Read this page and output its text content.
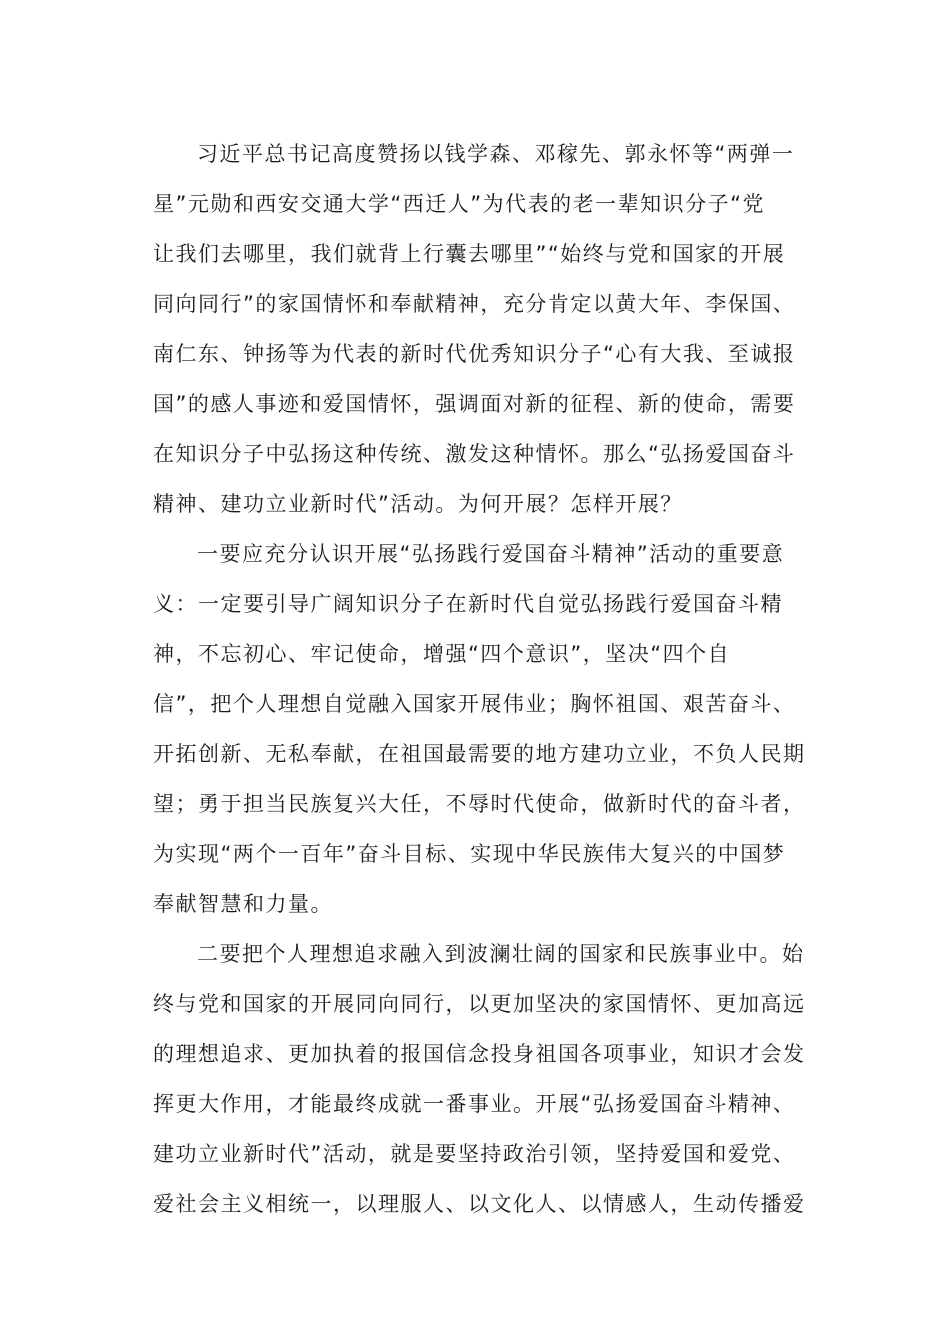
习近平总书记高度赞扬以钱学森、邓稼先、郭永怀等“两弹一
星”元勋和西安交通大学“西迁人”为代表的老一辈知识分子“党
让我们去哪里，我们就背上行囊去哪里”“始终与党和国家的开展
同向同行”的家国情怀和奉献精神，充分肯定以黄大年、李保国、
南仁东、钟扬等为代表的新时代优秀知识分子“心有大我、至诚报
国”的感人事迹和爱国情怀，强调面对新的征程、新的使命，需要
在知识分子中弘扬这种传统、激发这种情怀。那么“弘扬爱国奋斗
精神、建功立业新时代”活动。为何开展？怎样开展？
一要应充分认识开展“弘扬践行爱国奋斗精神”活动的重要意
义：一定要引导广阔知识分子在新时代自觉弘扬践行爱国奋斗精
神，不忘初心、牢记使命，增强“四个意识”，坚决“四个自
信”，把个人理想自觉融入国家开展伟业；胸怀祖国、艰苦奋斗、
开拓创新、无私奉献，在祖国最需要的地方建功立业，不负人民期
望；勇于担当民族复兴大任，不辱时代使命，做新时代的奋斗者，
为实现“两个一百年”奋斗目标、实现中华民族伟大复兴的中国梦
奉献智慧和力量。
二要把个人理想追求融入到波澜壮阔的国家和民族事业中。始
终与党和国家的开展同向同行，以更加坚决的家国情怀、更加高远
的理想追求、更加执着的报国信念投身祖国各项事业，知识才会发
挥更大作用，才能最终成就一番事业。开展“弘扬爱国奋斗精神、
建功立业新时代”活动，就是要坚持政治引领，坚持爱国和爱党、
爱社会主义相统一，以理服人、以文化人、以情感人，生动传播爱
